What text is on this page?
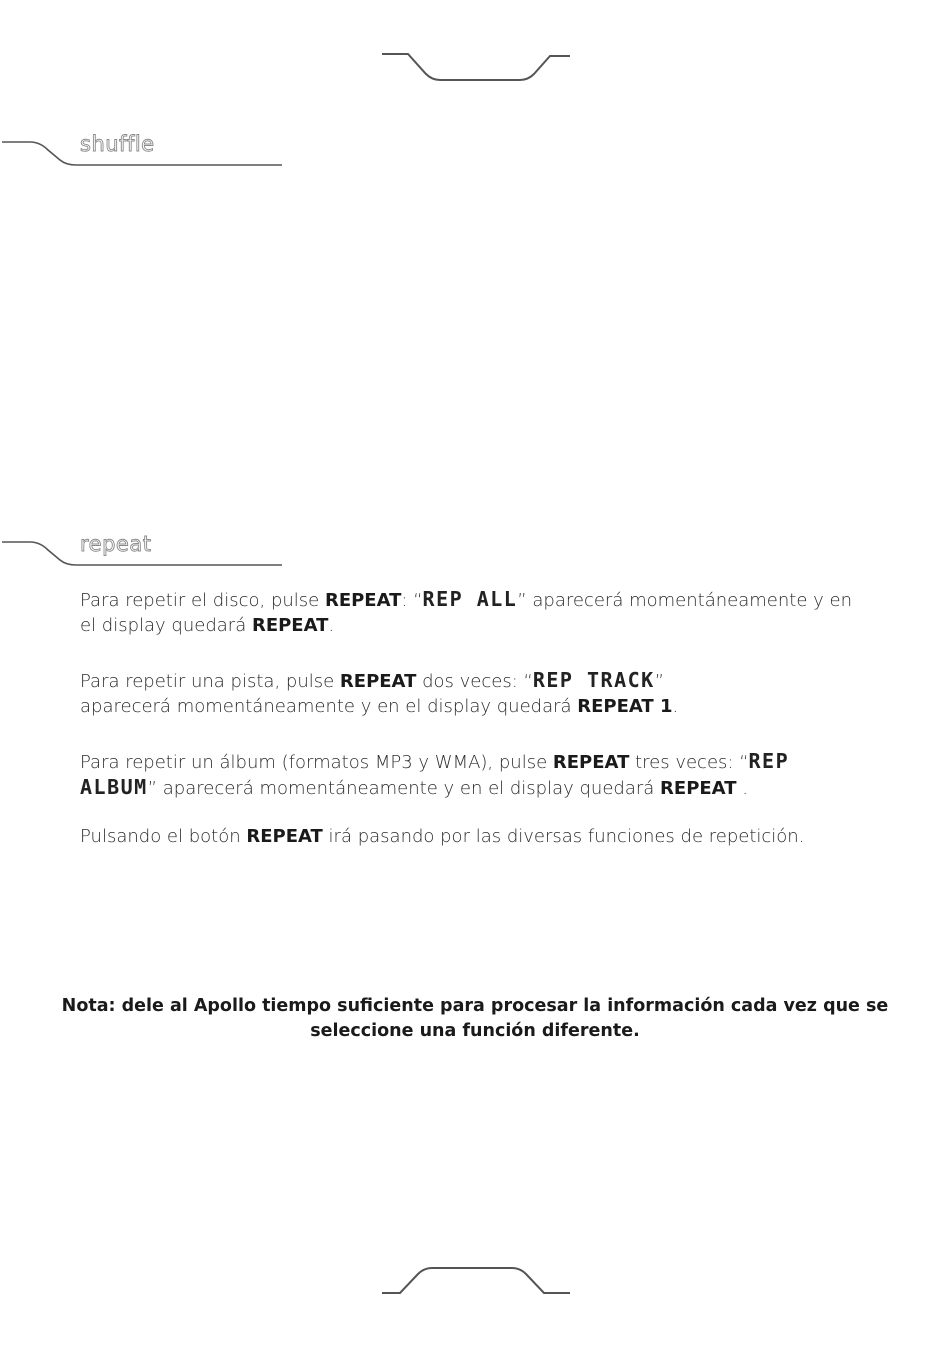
shuffle
repeat
Para repetir el disco, pulse REPEAT: “REP ALL” aparecerá momentáneamente y en el display quedará REPEAT.
Para repetir una pista, pulse REPEAT dos veces: “REP TRACK” aparecerá momentáneamente y en el display quedará REPEAT 1.
Para repetir un álbum (formatos MP3 y WMA), pulse REPEAT tres veces: “REP ALBUM” aparecerá momentáneamente y en el display quedará REPEAT .
Pulsando el botón REPEAT irá pasando por las diversas funciones de repetición.
Nota: dele al Apollo tiempo suficiente para procesar la información cada vez que se seleccione una función diferente.
